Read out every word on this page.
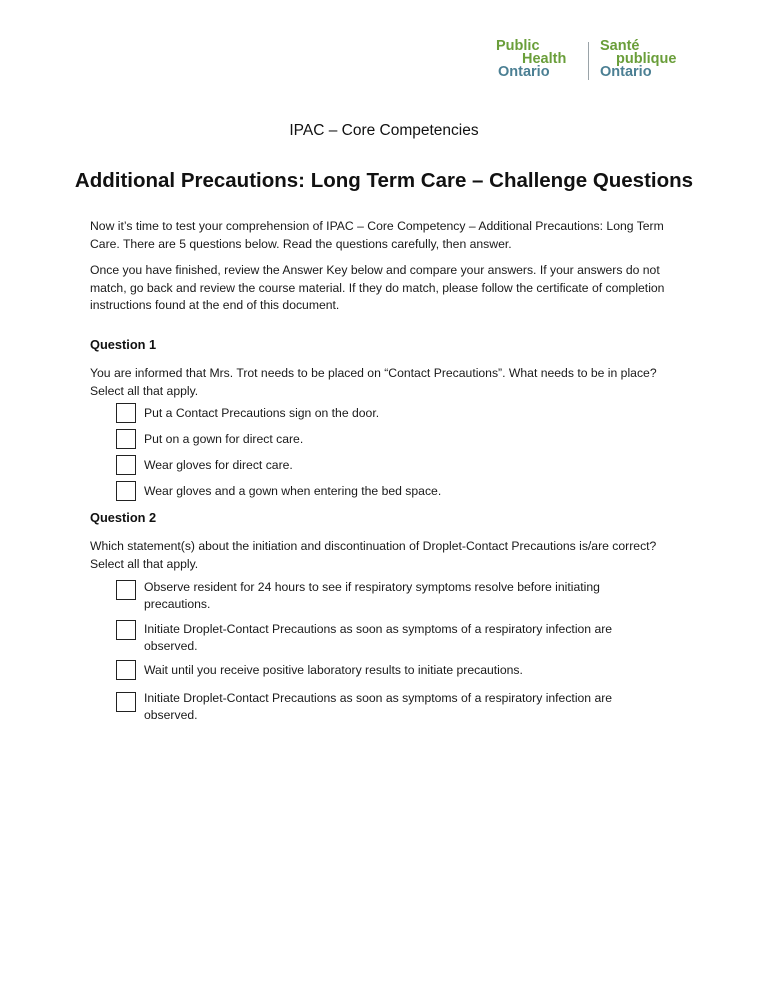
Public
Health
Ontario
Santé
publique
Ontario
IPAC – Core Competencies
Additional Precautions: Long Term Care – Challenge Questions
Now it’s time to test your comprehension of IPAC – Core Competency – Additional Precautions: Long Term Care. There are 5 questions below. Read the questions carefully, then answer.
Once you have finished, review the Answer Key below and compare your answers. If your answers do not match, go back and review the course material. If they do match, please follow the certificate of completion instructions found at the end of this document.
Question 1
You are informed that Mrs. Trot needs to be placed on “Contact Precautions”. What needs to be in place? Select all that apply.
Put a Contact Precautions sign on the door.
Put on a gown for direct care.
Wear gloves for direct care.
Wear gloves and a gown when entering the bed space.
Question 2
Which statement(s) about the initiation and discontinuation of Droplet-Contact Precautions is/are correct? Select all that apply.
Observe resident for 24 hours to see if respiratory symptoms resolve before initiating precautions.
Initiate Droplet-Contact Precautions as soon as symptoms of a respiratory infection are observed.
Wait until you receive positive laboratory results to initiate precautions.
Initiate Droplet-Contact Precautions as soon as symptoms of a respiratory infection are observed.
